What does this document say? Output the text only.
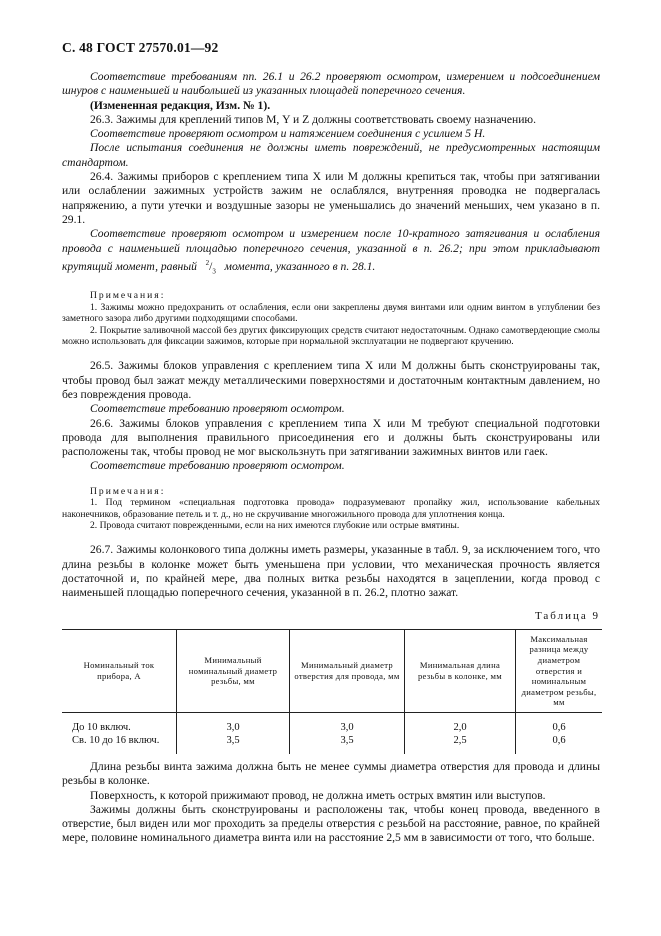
С. 48 ГОСТ 27570.01—92

Соответствие требованиям пп. 26.1 и 26.2 проверяют осмотром, измерением и подсоединением шнуров с наименьшей и наибольшей из указанных площадей поперечного сечения.

(Измененная редакция, Изм. № 1).

26.3. Зажимы для креплений типов М, Y и Z должны соответствовать своему назначению.

Соответствие проверяют осмотром и натяжением соединения с усилием 5 Н.

После испытания соединения не должны иметь повреждений, не предусмотренных настоящим стандартом.

26.4. Зажимы приборов с креплением типа X или М должны крепиться так, чтобы при затягивании или ослаблении зажимных устройств зажим не ослаблялся, внутренняя проводка не подвергалась напряжению, а пути утечки и воздушные зазоры не уменьшались до значений меньших, чем указано в п. 29.1.

Соответствие проверяют осмотром и измерением после 10-кратного затягивания и ослабления провода с наименьшей площадью поперечного сечения, указанной в п. 26.2; при этом прикладывают крутящий момент, равный $^2/_3$ момента, указанного в п. 28.1.

Примечания:

1. Зажимы можно предохранить от ослабления, если они закреплены двумя винтами или одним винтом в углублении без заметного зазора либо другими подходящими способами.

2. Покрытие заливочной массой без других фиксирующих средств считают недостаточным. Однако самотвердеющие смолы можно использовать для фиксации зажимов, которые при нормальной эксплуатации не подвергают кручению.

26.5. Зажимы блоков управления с креплением типа X или М должны быть сконструированы так, чтобы провод был зажат между металлическими поверхностями и достаточным контактным давлением, но без повреждения провода.

Соответствие требованию проверяют осмотром.

26.6. Зажимы блоков управления с креплением типа X или М требуют специальной подготовки провода для выполнения правильного присоединения его и должны быть сконструированы или расположены так, чтобы провод не мог выскользнуть при затягивании зажимных винтов или гаек.

Соответствие требованию проверяют осмотром.

Примечания:

1. Под термином «специальная подготовка провода» подразумевают пропайку жил, использование кабельных наконечников, образование петель и т. д., но не скручивание многожильного провода для уплотнения конца.

2. Провода считают поврежденными, если на них имеются глубокие или острые вмятины.

26.7. Зажимы колонкового типа должны иметь размеры, указанные в табл. 9, за исключением того, что длина резьбы в колонке может быть уменьшена при условии, что механическая прочность является достаточной и, по крайней мере, два полных витка резьбы находятся в зацеплении, когда провод с наименьшей площадью поперечного сечения, указанной в п. 26.2, плотно зажат.

Таблица 9
Номинальный ток прибора, А	Минимальный номинальный диаметр резьбы, мм	Минимальный диаметр отверстия для провода, мм	Минимальная длина резьбы в колонке, мм	Максимальная разница между диаметром отверстия и номинальным диаметром резьбы, мм
До 10 включ.	3,0	3,0	2,0	0,6
Св. 10 до 16 включ.	3,5	3,5	2,5	0,6

Длина резьбы винта зажима должна быть не менее суммы диаметра отверстия для провода и длины резьбы в колонке.

Поверхность, к которой прижимают провод, не должна иметь острых вмятин или выступов.

Зажимы должны быть сконструированы и расположены так, чтобы конец провода, введенного в отверстие, был виден или мог проходить за пределы отверстия с резьбой на расстояние, равное, по крайней мере, половине номинального диаметра винта или на расстояние 2,5 мм в зависимости от того, что больше.
